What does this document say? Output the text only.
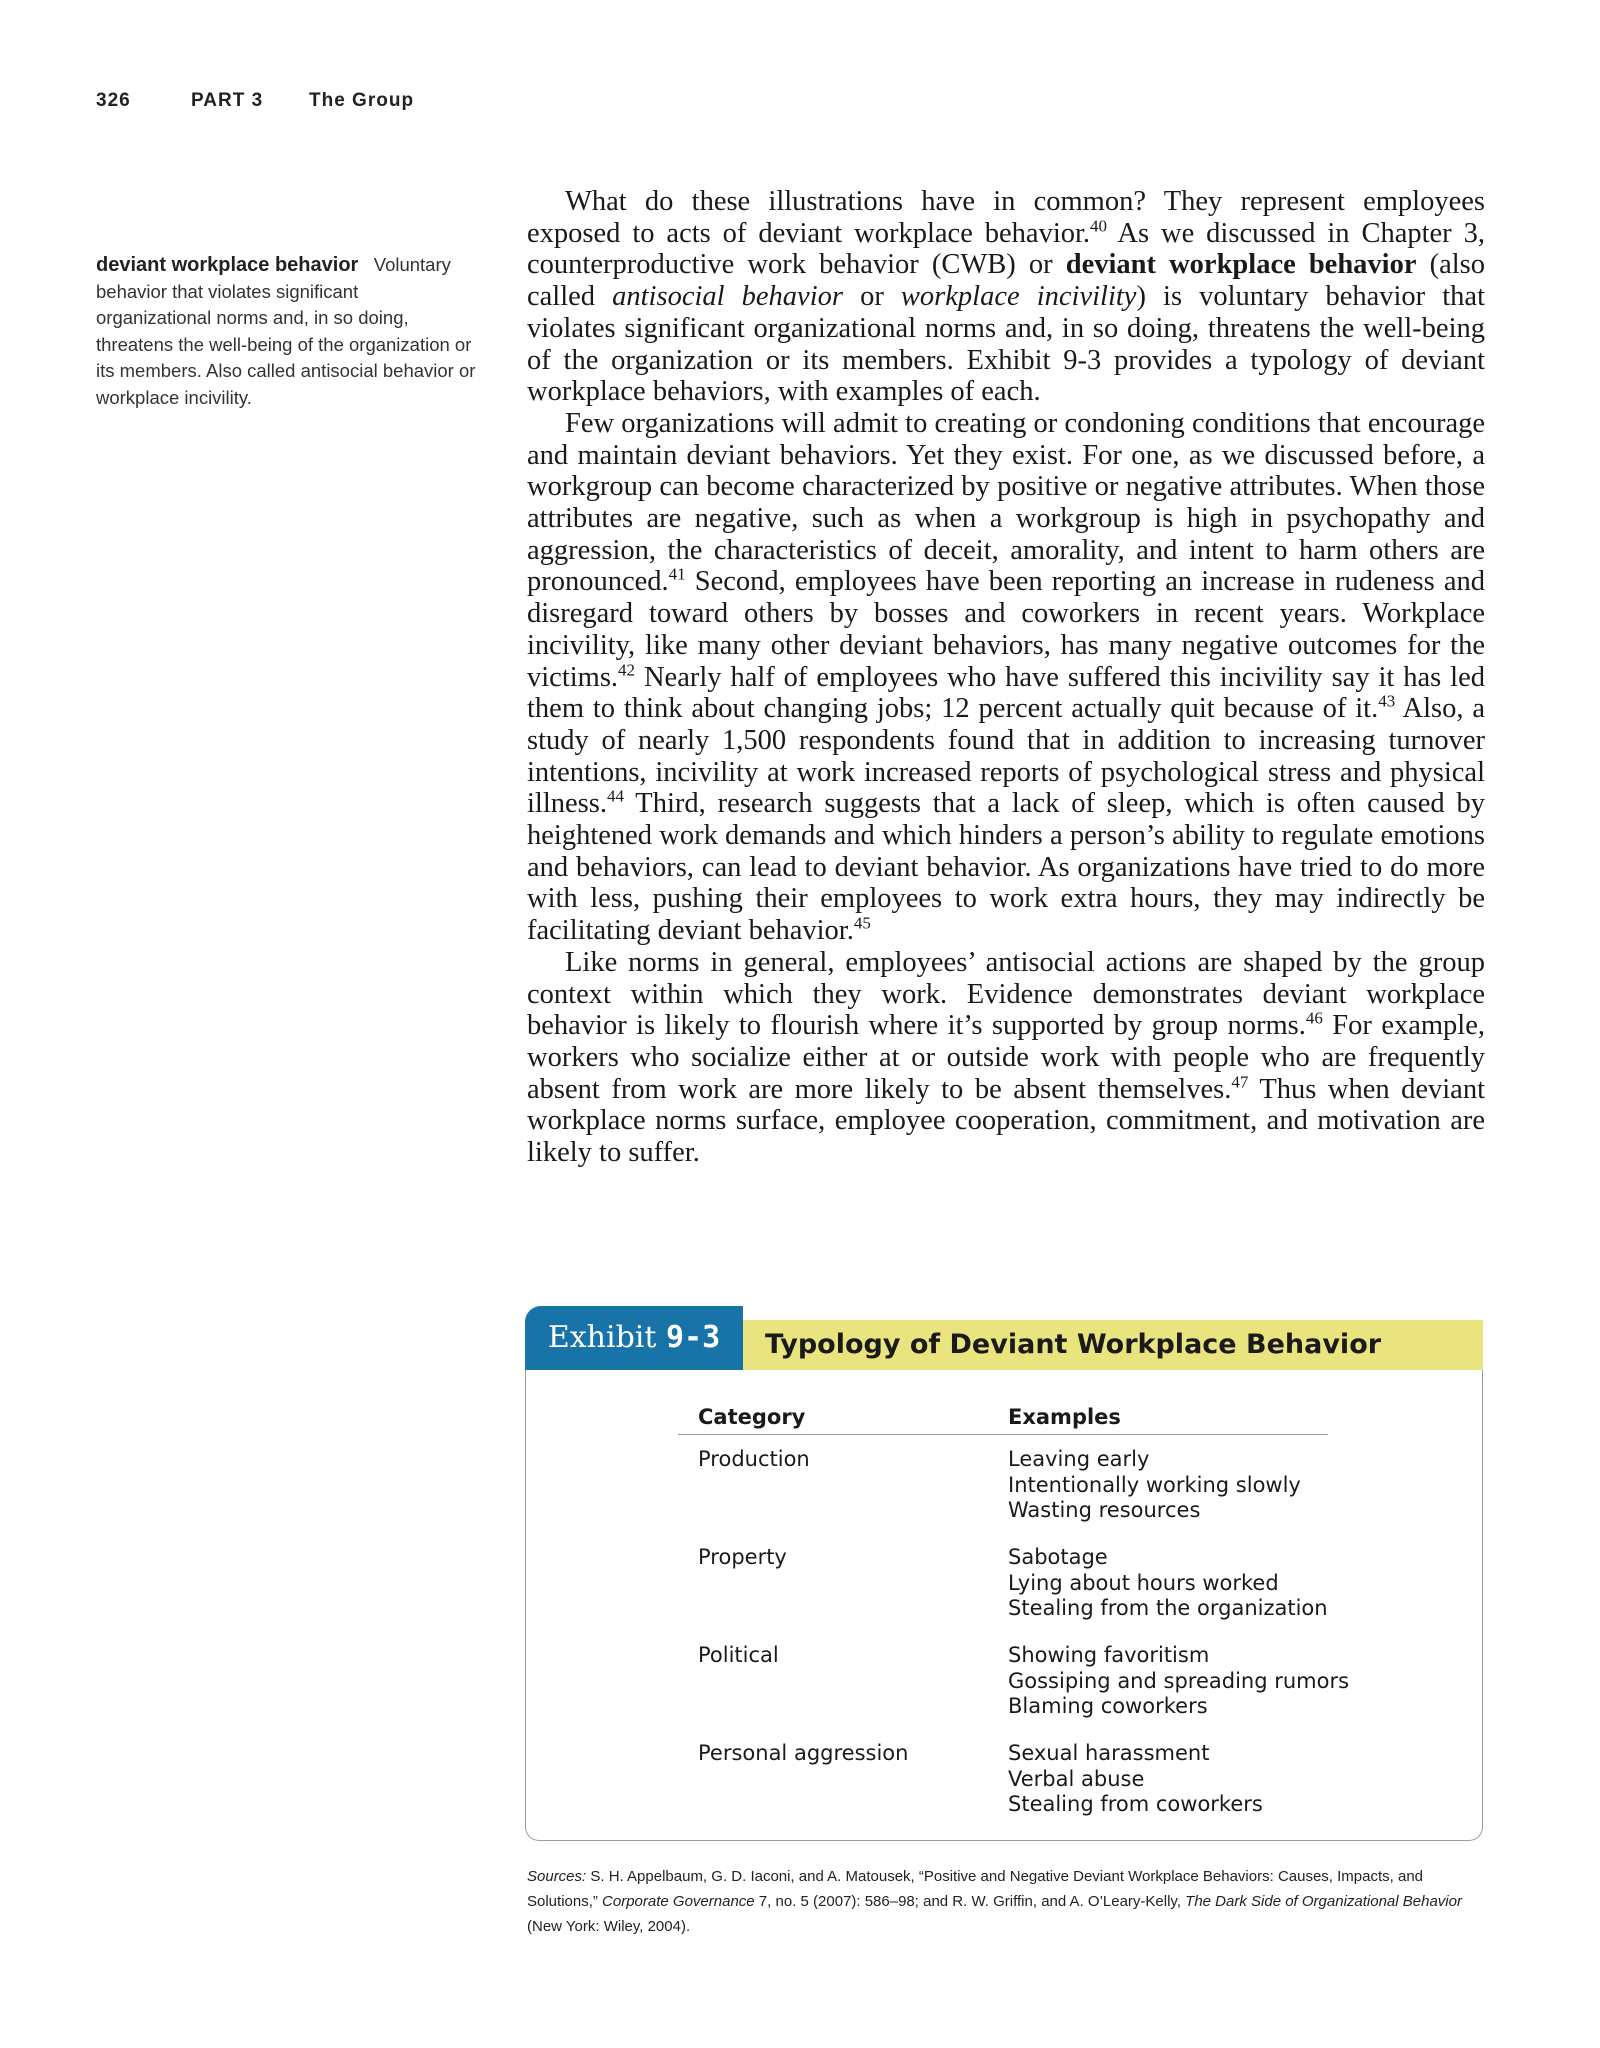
326	PART 3 The Group
deviant workplace behavior Voluntary behavior that violates significant organizational norms and, in so doing, threatens the well-being of the organization or its members. Also called antisocial behavior or workplace incivility.

What do these illustrations have in common? They represent employees exposed to acts of deviant workplace behavior.$^{40}$ As we discussed in Chapter 3, counterproductive work behavior (CWB) or deviant workplace behavior (also called antisocial behavior or workplace incivility) is voluntary behavior that violates significant organizational norms and, in so doing, threatens the well-being of the organization or its members. Exhibit 9-3 provides a typology of deviant workplace behaviors, with examples of each.

Few organizations will admit to creating or condoning conditions that encourage and maintain deviant behaviors. Yet they exist. For one, as we discussed before, a workgroup can become characterized by positive or negative attributes. When those attributes are negative, such as when a workgroup is high in psychopathy and aggression, the characteristics of deceit, amorality, and intent to harm others are pronounced.$^{41}$ Second, employees have been reporting an increase in rudeness and disregard toward others by bosses and coworkers in recent years. Workplace incivility, like many other deviant behaviors, has many negative outcomes for the victims.$^{42}$ Nearly half of employees who have suffered this incivility say it has led them to think about changing jobs; 12 percent actually quit because of it.$^{43}$ Also, a study of nearly 1,500 respondents found that in addition to increasing turnover intentions, incivility at work increased reports of psychological stress and physical illness.$^{44}$ Third, research suggests that a lack of sleep, which is often caused by heightened work demands and which hinders a person’s ability to regulate emotions and behaviors, can lead to deviant behavior. As organizations have tried to do more with less, pushing their employees to work extra hours, they may indirectly be facilitating deviant behavior.$^{45}$

Like norms in general, employees’ antisocial actions are shaped by the group context within which they work. Evidence demonstrates deviant workplace behavior is likely to flourish where it’s supported by group norms.$^{46}$ For example, workers who socialize either at or outside work with people who are frequently absent from work are more likely to be absent themselves.$^{47}$ Thus when deviant workplace norms surface, employee cooperation, commitment, and motivation are likely to suffer.

Exhibit 9-3	Typology of Deviant Workplace Behavior
Category	Examples
Production	Leaving early
Intentionally working slowly
Wasting resources
Property	Sabotage
Lying about hours worked
Stealing from the organization
Political	Showing favoritism
Gossiping and spreading rumors
Blaming coworkers
Personal aggression	Sexual harassment
Verbal abuse
Stealing from coworkers
Sources: S. H. Appelbaum, G. D. Iaconi, and A. Matousek, “Positive and Negative Deviant Workplace Behaviors: Causes, Impacts, and Solutions,” Corporate Governance 7, no. 5 (2007): 586–98; and R. W. Griffin, and A. O’Leary-Kelly, The Dark Side of Organizational Behavior (New York: Wiley, 2004).
